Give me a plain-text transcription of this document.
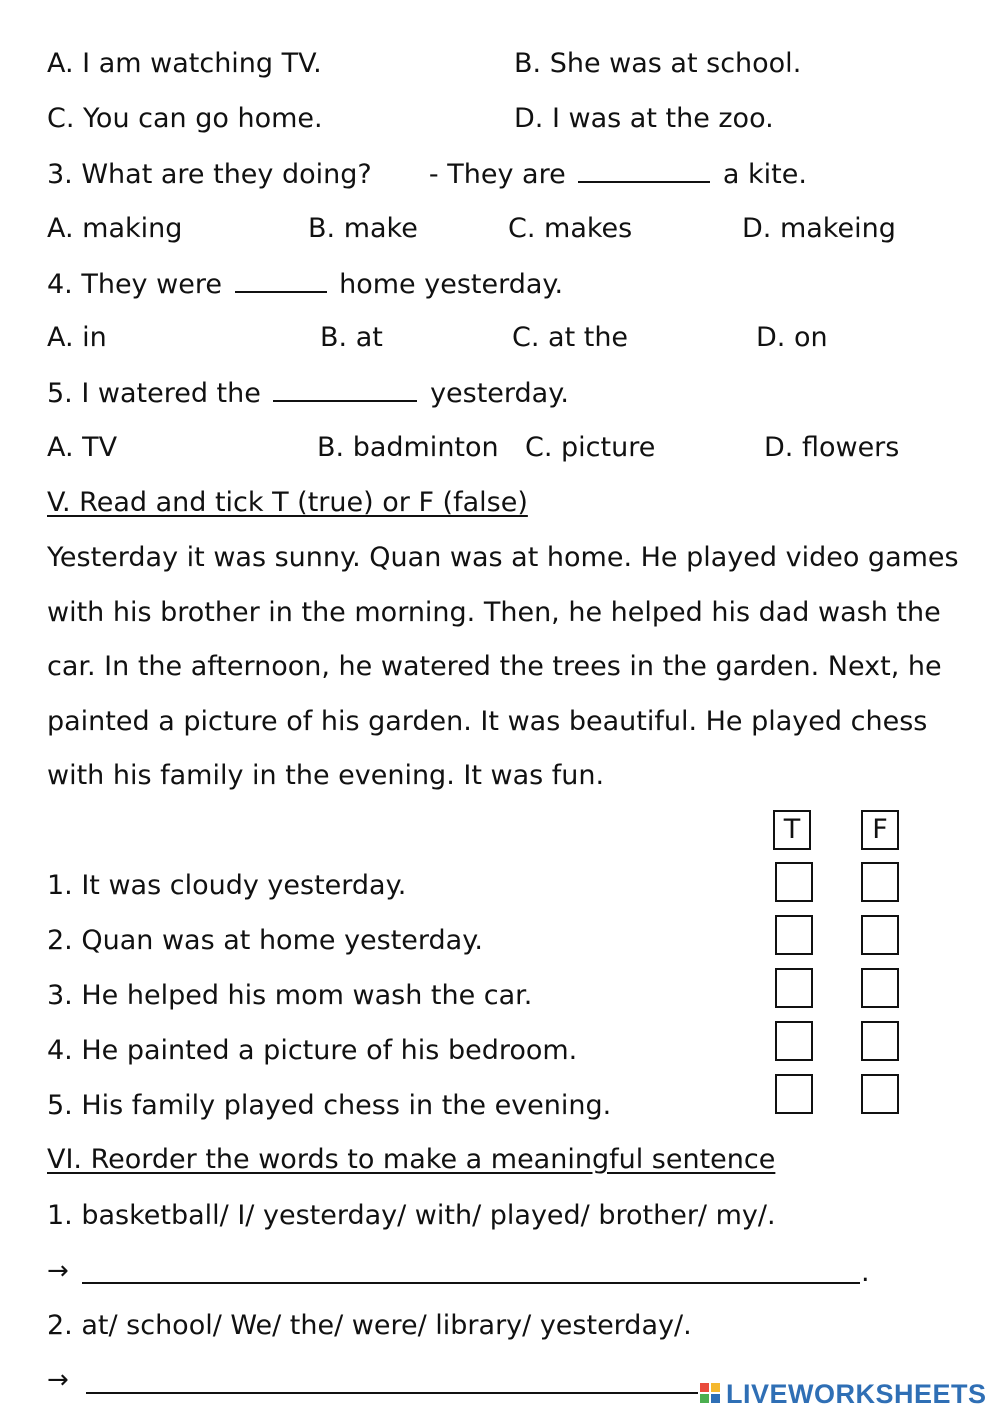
A. I am watching TV.	B. She was at school.
C. You can go home.	D. I was at the zoo.
3. What are they doing? - They are	a kite.
A. making	B. make	C. makes	D. makeing
4. They were	home yesterday.
A. in	B. at	C. at the	D. on
5. I watered the	yesterday.
A. TV	B. badminton C. picture	D. flowers
V. Read and tick T (true) or F (false)
Yesterday it was sunny. Quan was at home. He played video games with his brother in the morning. Then, he helped his dad wash the car. In the afternoon, he watered the trees in the garden. Next, he painted a picture of his garden. It was beautiful. He played chess with his family in the evening. It was fun.
T	F
1. It was cloudy yesterday.
2. Quan was at home yesterday.
3. He helped his mom wash the car.
4. He painted a picture of his bedroom.
5. His family played chess in the evening.
VI. Reorder the words to make a meaningful sentence
1. basketball/ I/ yesterday/ with/ played/ brother/ my/.
→	.
2. at/ school/ We/ the/ were/ library/ yesterday/.
→	LIVEWORKSHEETS
